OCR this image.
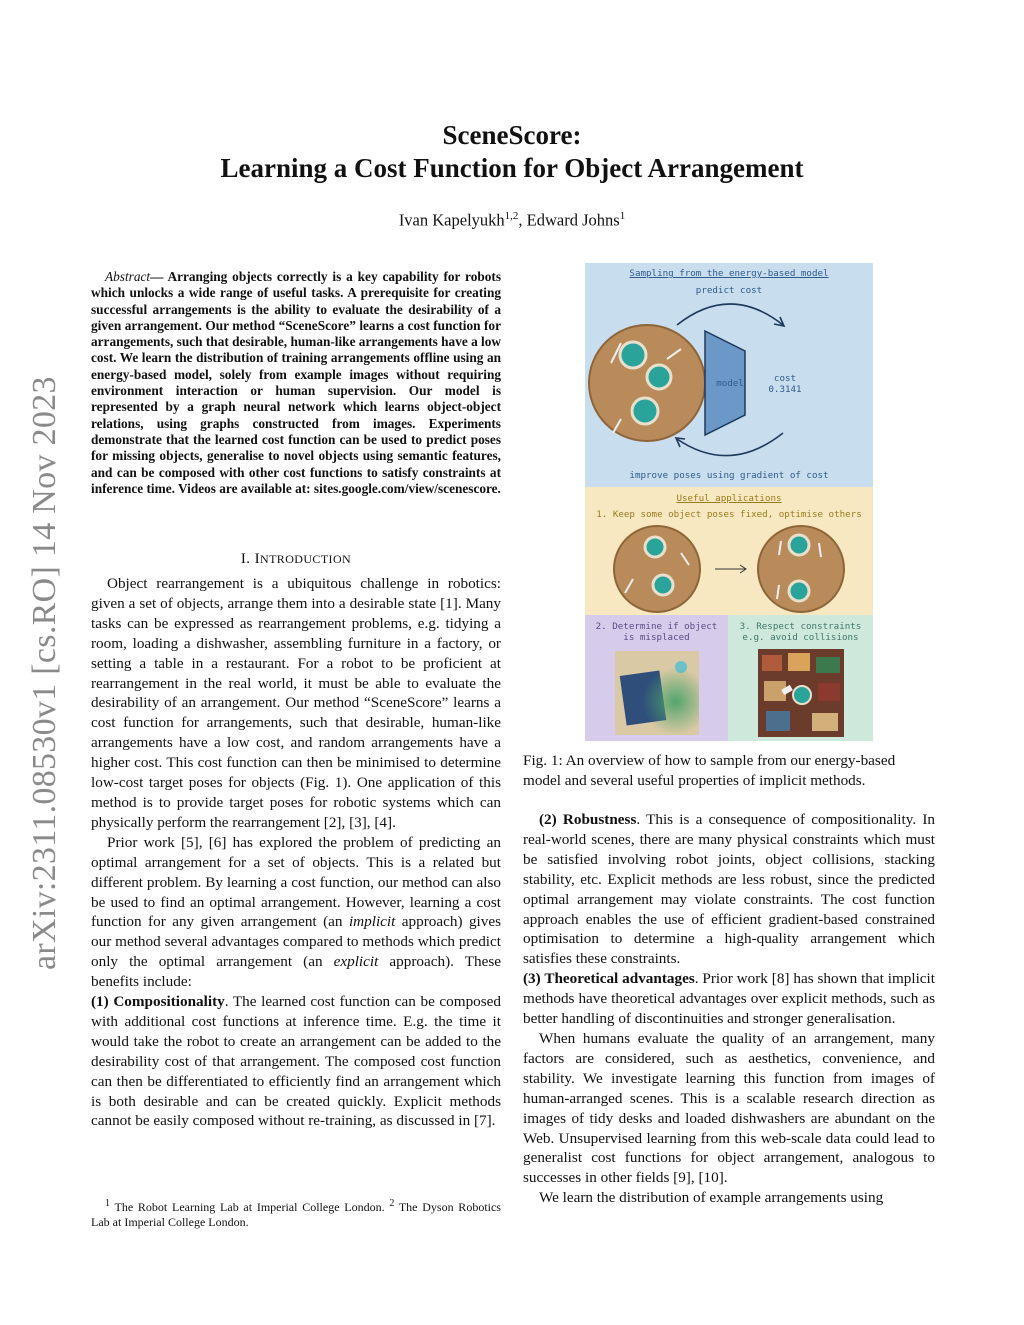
SceneScore:
Learning a Cost Function for Object Arrangement
Ivan Kapelyukh$^{1,2}$, Edward Johns$^1$
arXiv:2311.08530v1 [cs.RO] 14 Nov 2023
Abstract— Arranging objects correctly is a key capability for robots which unlocks a wide range of useful tasks. A prerequisite for creating successful arrangements is the ability to evaluate the desirability of a given arrangement. Our method “SceneScore” learns a cost function for arrangements, such that desirable, human-like arrangements have a low cost. We learn the distribution of training arrangements offline using an energy-based model, solely from example images without requiring environment interaction or human supervision. Our model is represented by a graph neural network which learns object-object relations, using graphs constructed from images. Experiments demonstrate that the learned cost function can be used to predict poses for missing objects, generalise to novel objects using semantic features, and can be composed with other cost functions to satisfy constraints at inference time. Videos are available at: sites.google.com/view/scenescore.
I. INTRODUCTION

Object rearrangement is a ubiquitous challenge in robotics: given a set of objects, arrange them into a desirable state [1]. Many tasks can be expressed as rearrangement problems, e.g. tidying a room, loading a dishwasher, assembling furniture in a factory, or setting a table in a restaurant. For a robot to be proficient at rearrangement in the real world, it must be able to evaluate the desirability of an arrangement. Our method “SceneScore” learns a cost function for arrangements, such that desirable, human-like arrangements have a low cost, and random arrangements have a higher cost. This cost function can then be minimised to determine low-cost target poses for objects (Fig. 1). One application of this method is to provide target poses for robotic systems which can physically perform the rearrangement [2], [3], [4].

Prior work [5], [6] has explored the problem of predicting an optimal arrangement for a set of objects. This is a related but different problem. By learning a cost function, our method can also be used to find an optimal arrangement. However, learning a cost function for any given arrangement (an implicit approach) gives our method several advantages compared to methods which predict only the optimal arrangement (an explicit approach). These benefits include:

(1) Compositionality. The learned cost function can be composed with additional cost functions at inference time. E.g. the time it would take the robot to create an arrangement can be added to the desirability cost of that arrangement. The composed cost function can then be differentiated to efficiently find an arrangement which is both desirable and can be created quickly. Explicit methods cannot be easily composed without re-training, as discussed in [7].

$^1$ The Robot Learning Lab at Imperial College London. $^2$ The Dyson Robotics Lab at Imperial College London.
Sampling from the energy-based model
predict cost
model	cost
0.3141
improve poses using gradient of cost
Useful applications
1. Keep some object poses fixed, optimise others
2. Determine if object
is misplaced
3. Respect constraints
e.g. avoid collisions
Fig. 1: An overview of how to sample from our energy-based model and several useful properties of implicit methods.

(2) Robustness. This is a consequence of compositionality. In real-world scenes, there are many physical constraints which must be satisfied involving robot joints, object collisions, stacking stability, etc. Explicit methods are less robust, since the predicted optimal arrangement may violate constraints. The cost function approach enables the use of efficient gradient-based constrained optimisation to determine a high-quality arrangement which satisfies these constraints.

(3) Theoretical advantages. Prior work [8] has shown that implicit methods have theoretical advantages over explicit methods, such as better handling of discontinuities and stronger generalisation.

When humans evaluate the quality of an arrangement, many factors are considered, such as aesthetics, convenience, and stability. We investigate learning this function from images of human-arranged scenes. This is a scalable research direction as images of tidy desks and loaded dishwashers are abundant on the Web. Unsupervised learning from this web-scale data could lead to generalist cost functions for object arrangement, analogous to successes in other fields [9], [10].

We learn the distribution of example arrangements using
